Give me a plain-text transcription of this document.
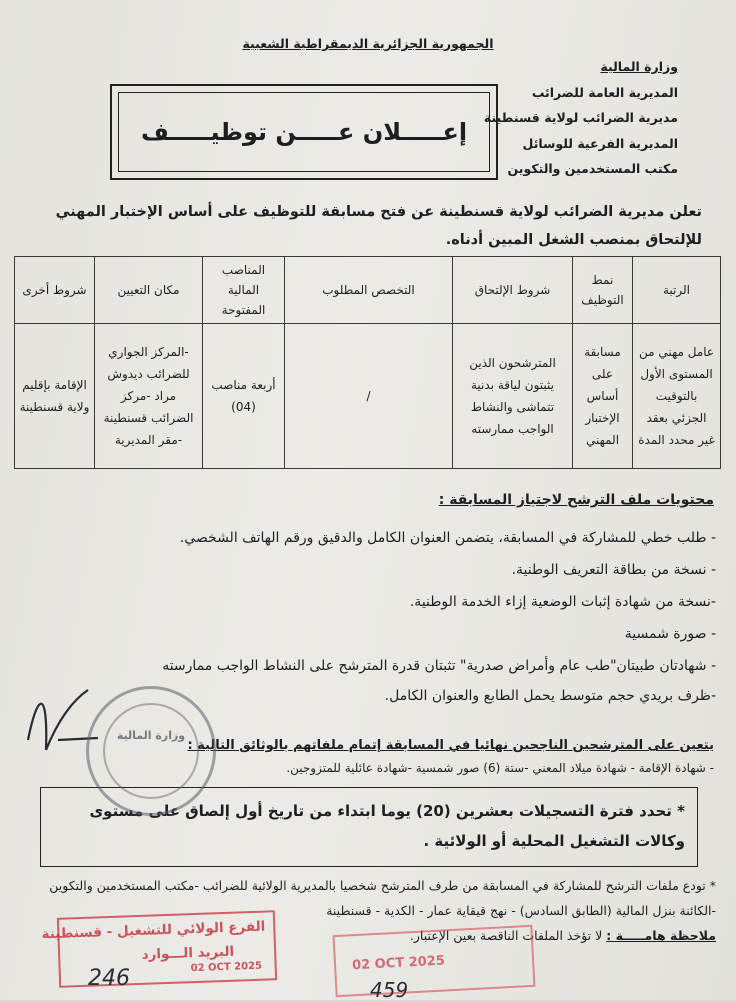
الجمهورية الجزائرية الديمقراطية الشعبية
وزارة المالية
المديرية العامة للضرائب
مديرية الضرائب لولاية قسنطينة
المديرية الفرعية للوسائل
مكتب المستخدمين والتكوين
إعـــــلان عـــــن توظيـــــف
تعلن مديرية الضرائب لولاية قسنطينة عن فتح مسابقة للتوظيف على أساس الإختبار المهني للإلتحاق بمنصب الشغل المبين أدناه.
الرتبة	نمط التوظيف	شروط الإلتحاق	التخصص المطلوب	المناصب المالية المفتوحة	مكان التعيين	شروط أخرى
عامل مهني من المستوى الأول بالتوقيت الجزئي بعقد غير محدد المدة	مسابقة على أساس الإختبار المهني	المترشحون الذين يثبتون لياقة بدنية تتماشى والنشاط الواجب ممارسته	/	أربعة مناصب (04)	-المركز الجواري للضرائب ديدوش مراد -مركز الضرائب قسنطينة -مقر المديرية	الإقامة بإقليم ولاية قسنطينة
محتويات ملف الترشح لاجتياز المسابقة :
- طلب خطي للمشاركة في المسابقة، يتضمن العنوان الكامل والدقيق ورقم الهاتف الشخصي.
- نسخة من بطاقة التعريف الوطنية.
-نسخة من شهادة إثبات الوضعية إزاء الخدمة الوطنية.
- صورة شمسية
- شهادتان طبيتان"طب عام وأمراض صدرية" تثبتان قدرة المترشح على النشاط الواجب ممارسته
-ظرف بريدي حجم متوسط يحمل الطابع والعنوان الكامل.
يتعين على المترشحين الناجحين نهائيا في المسابقة إتمام ملفاتهم بالوثائق التالية :
- شهادة الإقامة - شهادة ميلاد المعني -ستة (6) صور شمسية -شهادة عائلية للمتزوجين.
* تحدد فترة التسجيلات بعشرين (20) يوما ابتداء من تاريخ أول إلصاق على مستوى وكالات التشغيل المحلية أو الولائية .
* تودع ملفات الترشح للمشاركة في المسابقة من طرف المترشح شخصيا بالمديرية الولائية للضرائب -مكتب المستخدمين والتكوين -الكائنة بنزل المالية (الطابق السادس) - نهج قيقاية عمار - الكدية - قسنطينة
ملاحظة هامـــــة : لا تؤخذ الملفات الناقصة بعين الإعتبار.
وزارة المالية
الفرع الولائي للتشغيل - قسنطينة
البريد الـــوارد
02 OCT 2025	02 OCT 2025
246	459
